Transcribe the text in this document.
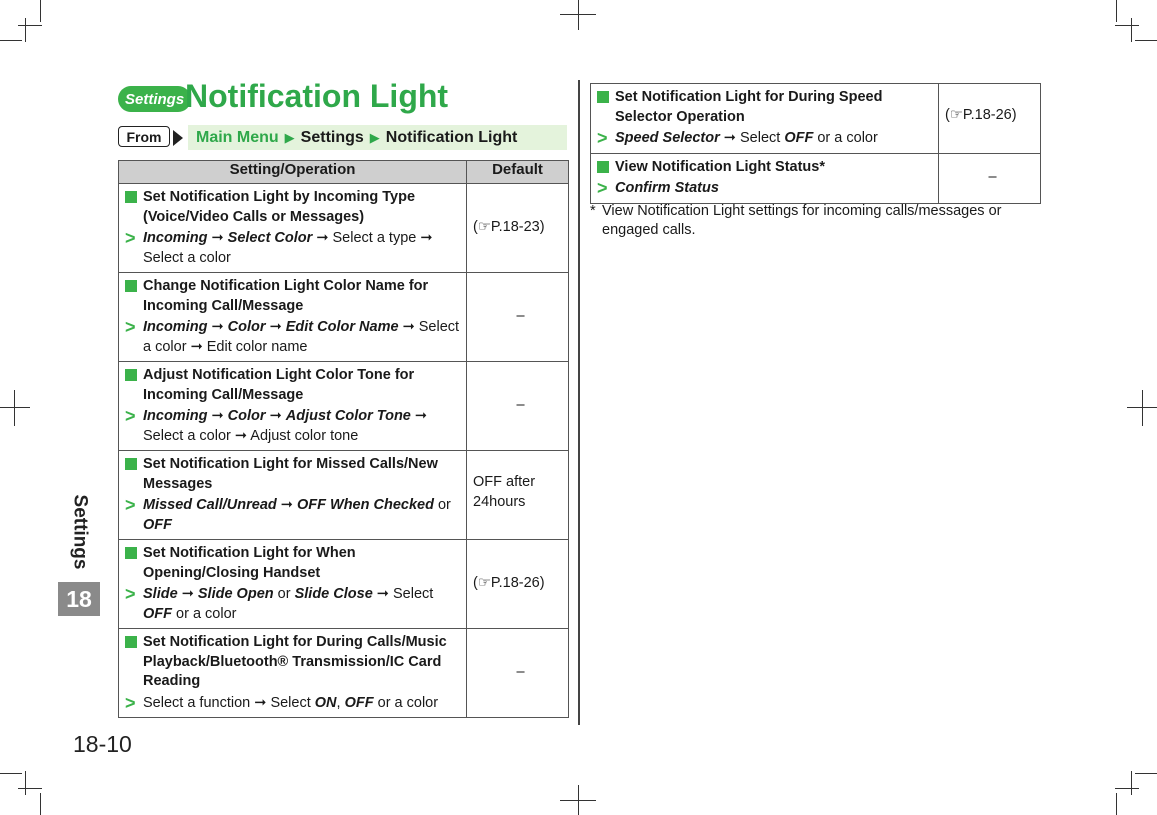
Settings
18
18-10
Settings Notification Light
From	Main Menu ▶ Settings ▶ Notification Light
Setting/Operation	Default

Set Notification Light by Incoming Type (Voice/Video Calls or Messages)
> Incoming ➞ Select Color ➞ Select a type ➞ Select a color	(☞P.18-23)

Change Notification Light Color Name for Incoming Call/Message
> Incoming ➞ Color ➞ Edit Color Name ➞ Select a color ➞ Edit color name	–

Adjust Notification Light Color Tone for Incoming Call/Message
> Incoming ➞ Color ➞ Adjust Color Tone ➞ Select a color ➞ Adjust color tone	–

Set Notification Light for Missed Calls/New Messages
> Missed Call/Unread ➞ OFF When Checked or OFF	OFF after 24hours

Set Notification Light for When Opening/Closing Handset
> Slide ➞ Slide Open or Slide Close ➞ Select OFF or a color	(☞P.18-26)

Set Notification Light for During Calls/Music Playback/Bluetooth® Transmission/IC Card Reading
> Select a function ➞ Select ON, OFF or a color	–
Set Notification Light for During Speed Selector Operation
> Speed Selector ➞ Select OFF or a color	(☞P.18-26)

View Notification Light Status*
> Confirm Status	–
* View Notification Light settings for incoming calls/messages or engaged calls.
